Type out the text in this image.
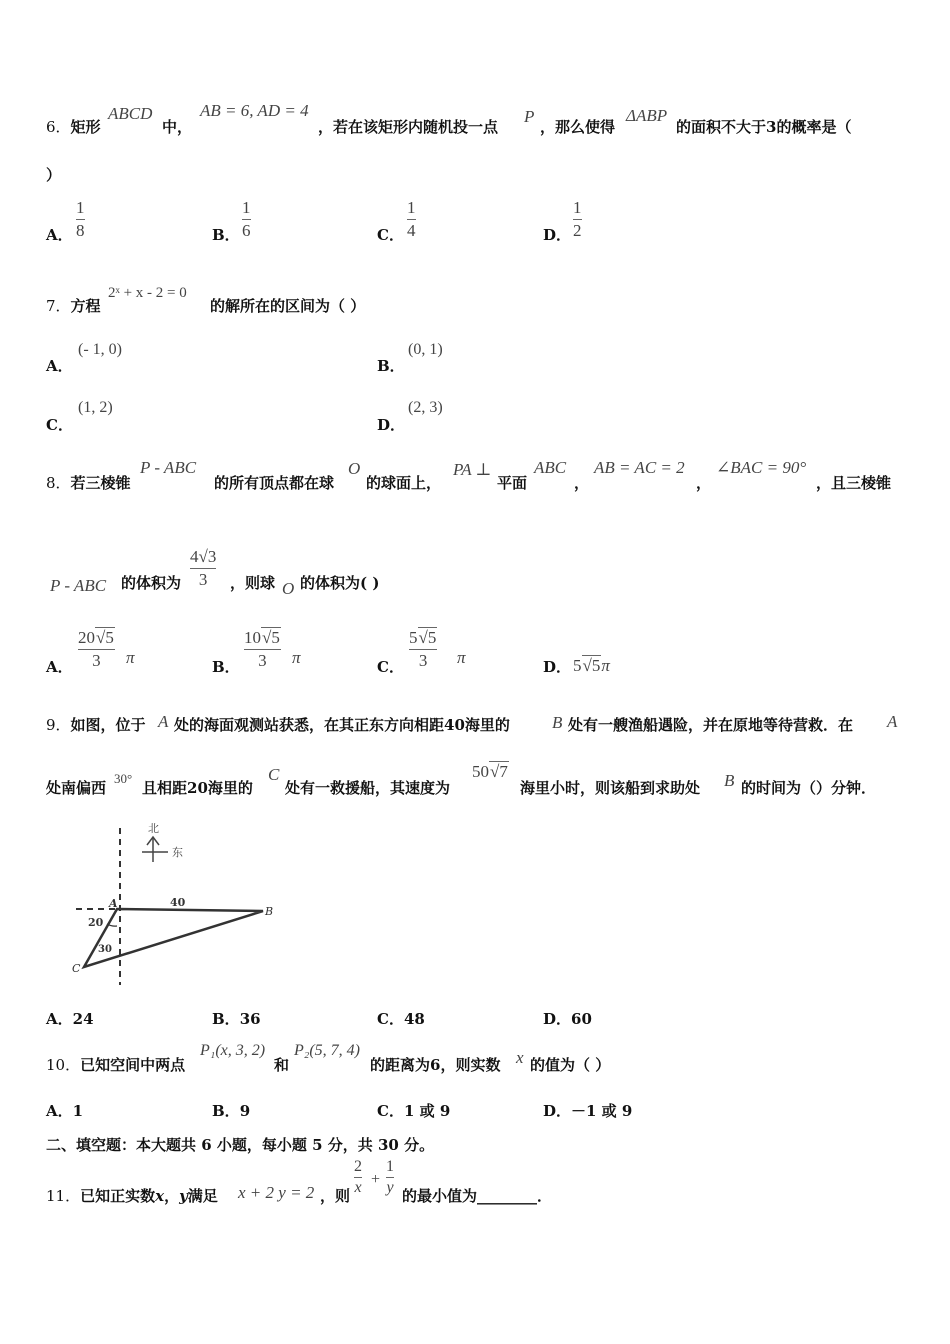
6．矩形
ABCD
中，
AB = 6, AD = 4
，若在该矩形内随机投一点
P
，那么使得
ΔABP
的面积不大于3的概率是（
）
A．
1
8	B．
1
6	C．
1
4	D．
1
2
7．方程
2ˣ + x - 2 = 0
的解所在的区间为（ ）
A．
(- 1, 0)
B．
(0, 1)
C．
(1, 2)
D．
(2, 3)
8．若三棱锥
P - ABC
的所有顶点都在球
O
的球面上，
PA ⊥
平面
ABC
，
AB = AC = 2
，
∠BAC = 90°
，且三棱锥
P - ABC 的体积为
4√3
3 ，则球 O 的体积为( )
A．
20√5
3 π	B．
10√5
3 π	C．
5√5
3 π	D． 5√5π
9．如图，位于 A 处的海面观测站获悉，在其正东方向相距40海里的 B 处有一艘渔船遇险，并在原地等待营救．在 A
处南偏西
30°
且相距20海里的
C
处有一救援船，其速度为
50√7
海里小时，则该船到求助处 B 的时间为（）分钟．
北
东
A
B
C
40
20
30
A．24	B．36	C．48	D．60
10．已知空间中两点
P₁(x, 3, 2)
和
P₂(5, 7, 4)
的距离为6，则实数 x 的值为（ ）
A．1	B．9	C．1 或 9	D．－1 或 9
二、填空题：本大题共 6 小题，每小题 5 分，共 30 分。
11．已知正实数x，y满足 x + 2 y = 2 ，则
2
x +
1
y 的最小值为________．
